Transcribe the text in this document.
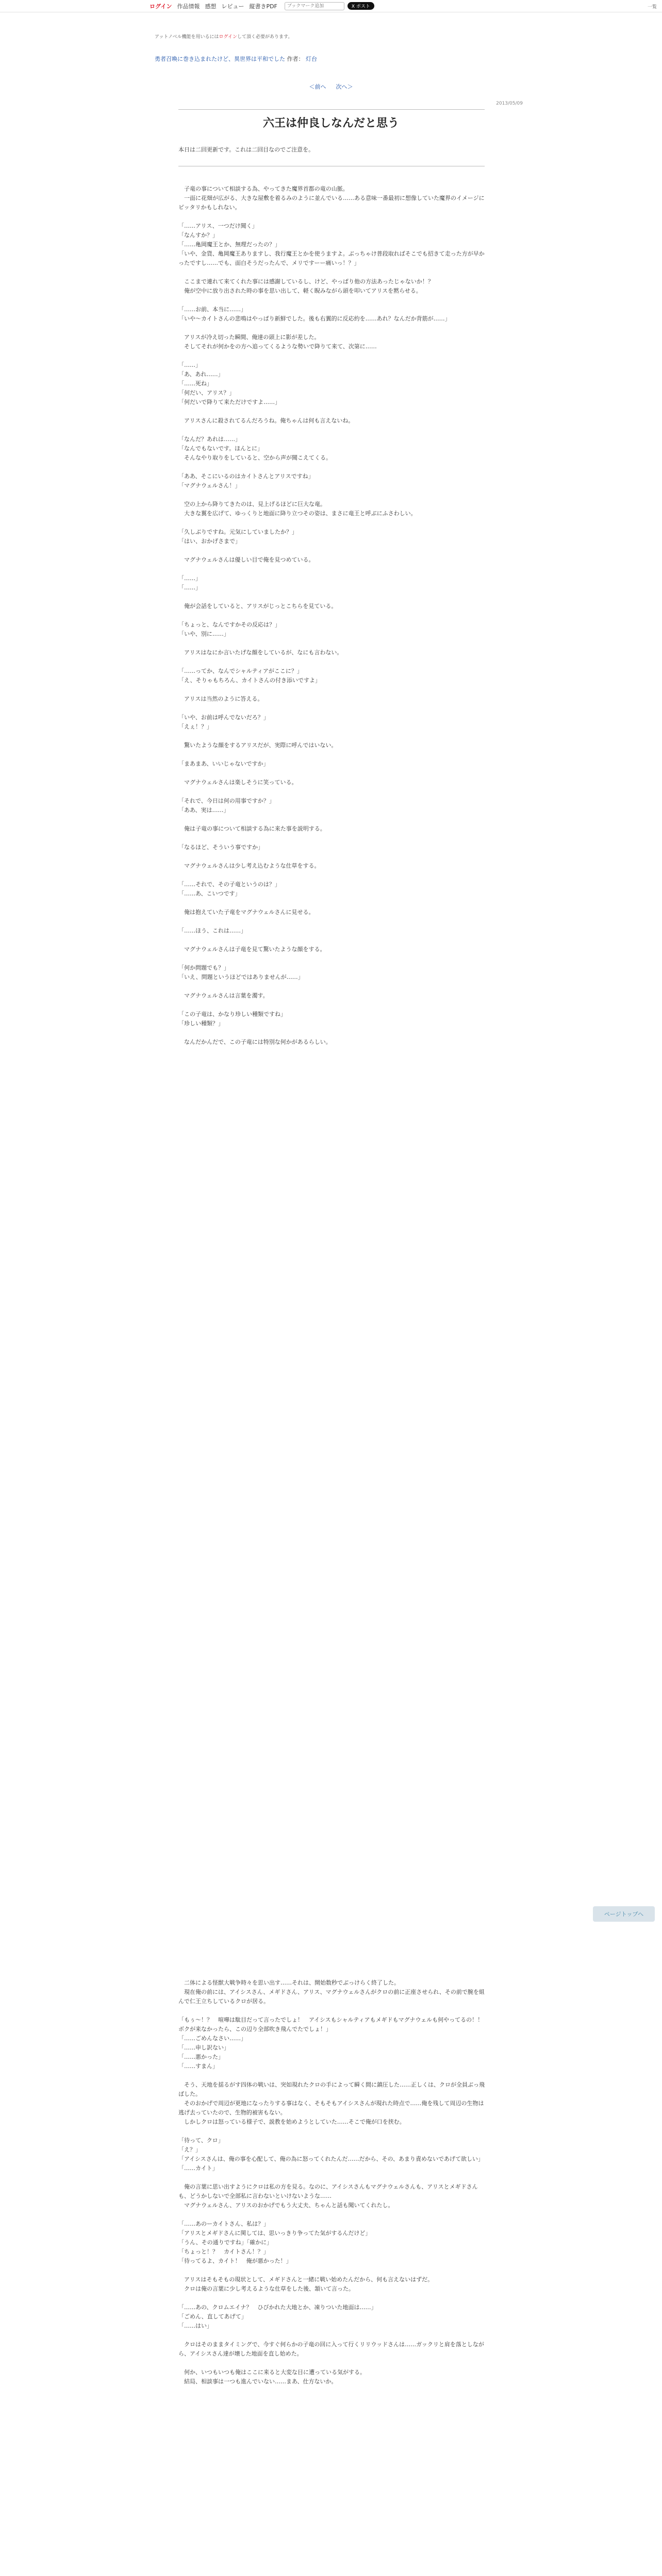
ログイン 作品情報 感想 レビュー 縦書きPDF
ブックマーク追加	X ポスト	一覧
アットノベル機能を用いるにはログインして頂く必要があります。
勇者召喚に巻き込まれたけど、異世界は平和でした 作者： 灯台
＜前へ 次へ＞
2013/05/09
六王は仲良しなんだと思う
本日は二回更新です。これは二回目なのでご注意を。

　子竜の事について相談する為、やってきた魔界首都の竜の山脈。

　一面に花畑が広がる、大きな屋敷を着るみのように並んでいる……ある意味一番最初に想像していた魔界のイメージにピッタリかもしれない。

「……アリス、一つだけ聞く」

「なんすか？」

「……亀岡魔王とか、無理だったの？」

「いや、金貨、亀岡魔王ありますし、我行魔王とかを使うますよ。ぶっちゃけ普段取ればそこでも招きて走った方が早かったですし……でも、面白そうだったんで、メリですーー痛いっ！？」

　ここまで連れて来てくれた事には感謝しているし、けど、やっぱり他の方法あったじゃないか！？

　俺が空中に放り出された時の事を思い出して、軽く睨みながら頭を叩いてアリスを黙らせる。

「……お前、本当に……」

「いや～カイトさんの悲鳴はやっぱり新鮮でした。後も右翼的に反応約を……あれ？なんだか背筋が……」

　アリスが冷え切った瞬間、俺達の頭上に影が差した。

　そしてそれが何かをの方へ追ってくるような勢いで降りて来て、次第に……

「……」

「あ、あれ……」

「……死ね」

「何だい、アリス？」

「何だいで降りて来ただけですよ……」

　アリスさんに殺されてるんだろうね。俺ちゃんは何も言えないね。

「なんだ？あれは……」

「なんでもないです。ほんとに」

　そんなやり取りをしていると、空から声が聞こえてくる。

「ああ、そこにいるのはカイトさんとアリスですね」

「マグナウェルさん！」

　空の上から降りてきたのは、見上げるほどに巨大な竜。

　大きな翼を広げて、ゆっくりと地面に降り立つその姿は、まさに竜王と呼ぶにふさわしい。

「久しぶりですね。元気にしていましたか？」

「はい、おかげさまで」

　マグナウェルさんは優しい目で俺を見つめている。

「……」

「……」

　俺が会話をしていると、アリスがじっとこちらを見ている。

「ちょっと、なんですかその反応は？」

「いや、別に……」

　アリスはなにか言いたげな顔をしているが、なにも言わない。

「……ってか、なんでシャルティアがここに？」

「え、そりゃもちろん、カイトさんの付き添いですよ」

　アリスは当然のように答える。

「いや、お前は呼んでないだろ？」

「えぇ！？」

　驚いたような顔をするアリスだが、実際に呼んではいない。

「まあまあ、いいじゃないですか」

　マグナウェルさんは楽しそうに笑っている。

「それで、今日は何の用事ですか？」

「ああ、実は……」

　俺は子竜の事について相談する為に来た事を説明する。

「なるほど、そういう事ですか」

　マグナウェルさんは少し考え込むような仕草をする。

「……それで、その子竜というのは？」

「……あ、こいつです」

　俺は抱えていた子竜をマグナウェルさんに見せる。

「……ほう、これは……」

　マグナウェルさんは子竜を見て驚いたような顔をする。

「何か問題でも？」

「いえ、問題というほどではありませんが……」

　マグナウェルさんは言葉を濁す。

「この子竜は、かなり珍しい種類ですね」

「珍しい種類？」

　なんだかんだで、この子竜には特別な何かがあるらしい。

　二体による怪獣大戦争時々を思い出す……それは、開始数秒でぶっけらく終了した。

　現在俺の前には、アイシスさん、メギドさん、アリス、マグナウェルさんがクロの前に正座させられ、その前で腕を組んで仁王立ちしているクロが居る。

「もぅ～！？　喧嘩は駄目だって言ったでしょ！　アイシスもシャルティアもメギドもマグナウェルも何やってるの！！　ボクが来なかったら、この辺り全部吹き飛んでたでしょ！」

「……ごめんなさい……」

「……申し訳ない」

「……悪かった」

「……すまん」

　そう、天地を揺るがす四体の戦いは、突如現れたクロの手によって瞬く間に鎮圧した……正しくは、クロが全員ぶっ飛ばした。

　そのおかげで周辺が更地になったりする事はなく、そもそもアイシスさんが現れた時点で……俺を残して周辺の生物は逃げ去っていたので、生物的被害もない。

　しかしクロは怒っている様子で、説教を始めようとしていた……そこで俺が口を挟む。

「待って、クロ」

「え？」

「アイシスさんは、俺の事を心配して、俺の為に怒ってくれたんだ……だから、その、あまり責めないであげて欲しい」

「……カイト」

　俺の言葉に思い出すようにクロは私の方を見る。なのに、アイシスさんもマグナウェルさんも、アリスとメギドさんも、どうかしないで全部私に言わないといけないような……

　マグナウェルさん、アリスのおかげでもう大丈夫、ちゃんと話も聞いてくれたし。

「……あのーカイトさん、私は？」

「アリスとメギドさんに関しては、思いっきり争ってた気がするんだけど」

「うん、その通りですね」「確かに」

「ちょっと！？　カイトさん！？」

「待ってるよ、カイト！　俺が悪かった！」

　アリスはそもそもの現状として、メギドさんと一緒に戦い始めたんだから、何も言えないはずだ。

　クロは俺の言葉に少し考えるような仕草をした後、頷いて言った。

「……あの、クロムエイナ？　ひびかれた大地とか、凍りついた地面は……」

「ごめん、直してあげて」

「……はい」

　クロはそのままタイミングで、今すぐ何らかの子竜の回に入って行くリリウッドさんは……ガックリと肩を落としながら、アイシスさん達が壊した地面を直し始めた。

　何か、いつもいつも俺はここに来ると大変な目に遭っている気がする。

　結局、相談事は一つも進んでいない……まあ、仕方ないか。

ページトップへ
